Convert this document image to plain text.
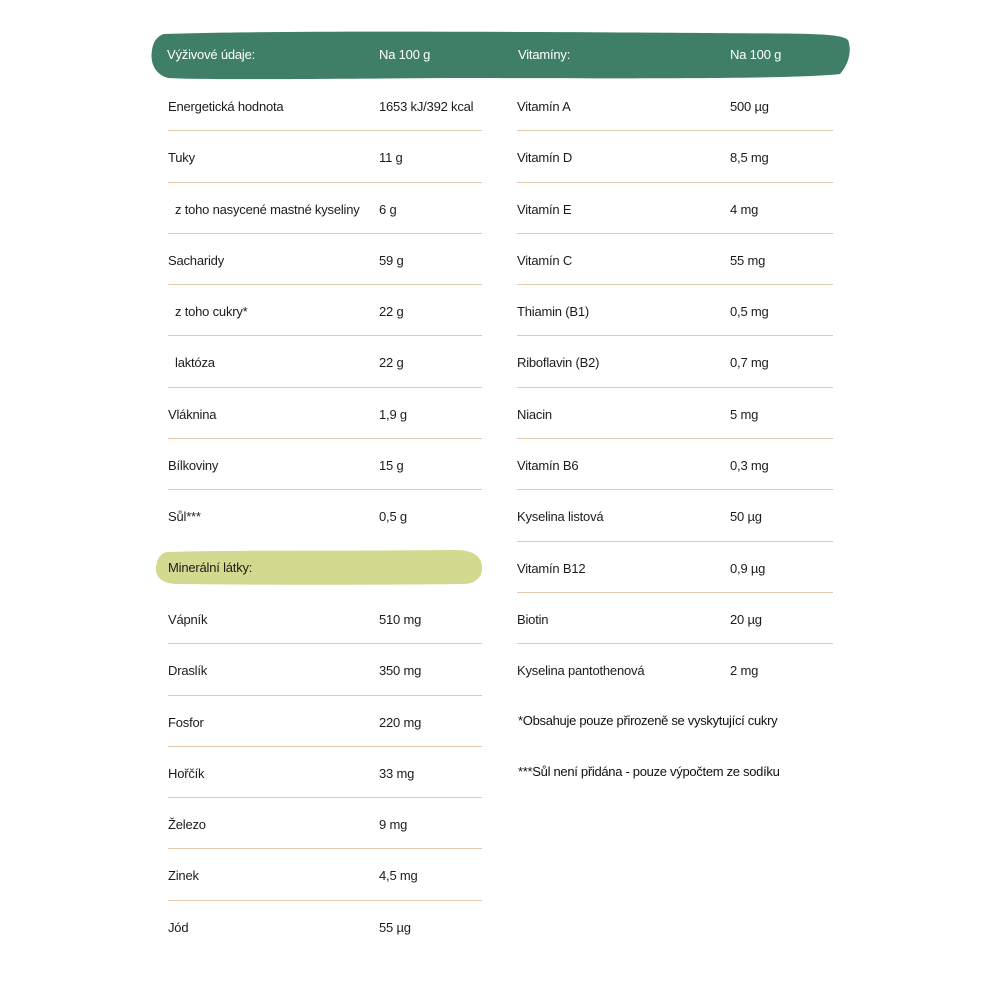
Výživové údaje:	Na 100 g	Vitamíny:	Na 100 g
Minerální látky:
Energetická hodnota	1653 kJ/392 kcal
Tuky	11 g
z toho nasycené mastné kyseliny 6 g
Sacharidy	59 g
z toho cukry*	22 g
laktóza	22 g
Vláknina	1,9 g
Bílkoviny	15 g
Sůl***	0,5 g
Vápník	510 mg
Draslík	350 mg
Fosfor	220 mg
Hořčík	33 mg
Železo	9 mg
Zinek	4,5 mg
Jód	55 µg
Vitamín A	500 µg
Vitamín D	8,5 mg
Vitamín E	4 mg
Vitamín C	55 mg
Thiamin (B1)	0,5 mg
Riboflavin (B2)	0,7 mg
Niacin	5 mg
Vitamín B6	0,3 mg
Kyselina listová	50 µg
Vitamín B12	0,9 µg
Biotin	20 µg
Kyselina pantothenová	2 mg
*Obsahuje pouze přirozeně se vyskytující cukry
***Sůl není přidána - pouze výpočtem ze sodíku
